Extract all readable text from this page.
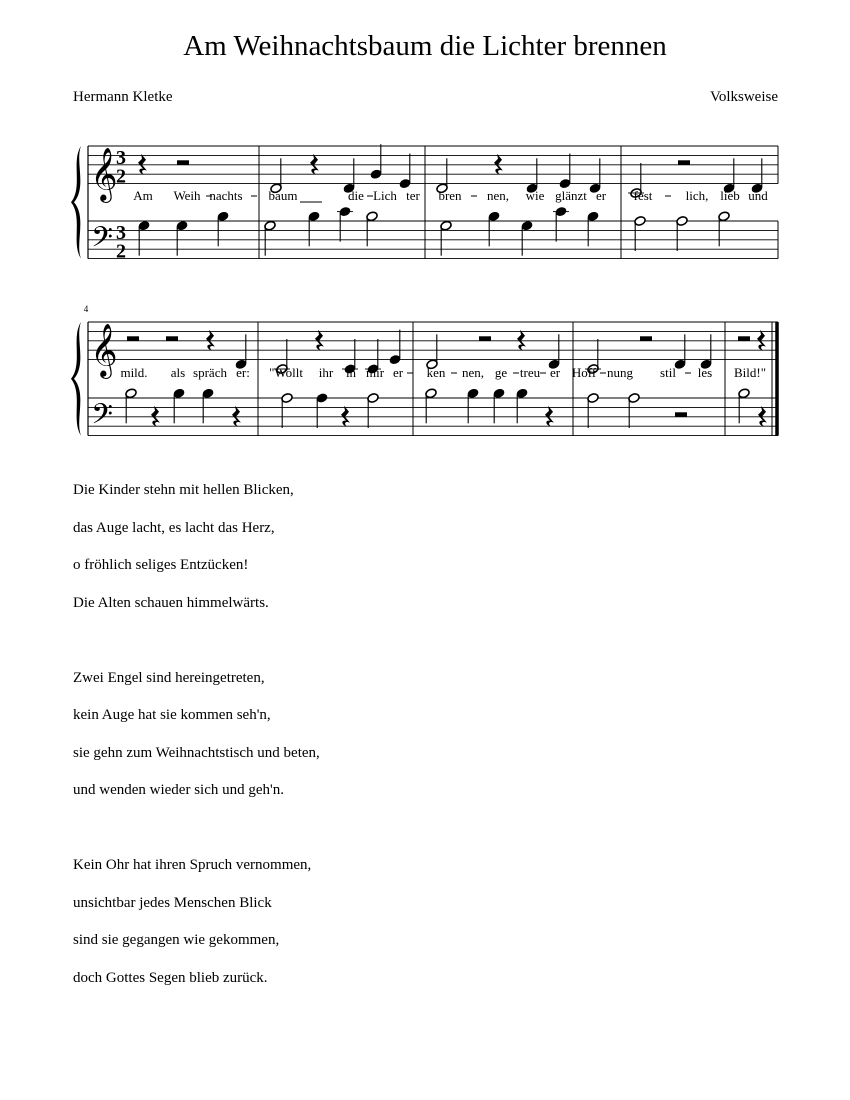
Am Weihnachtsbaum die Lichter brennen
Hermann Kletke	Volksweise
𝄞
𝄢
3
2
3
2
Am Weih nachts baum	die Lich ter bren nen, wie glänzt er fest	lich, lieb und
𝄞
𝄢
4
mild. als spräch er: "Wollt ihr in mir er ken nen, ge treu er Hoff nung stil les Bild!"

Die Kinder stehn mit hellen Blicken,

das Auge lacht, es lacht das Herz,

o fröhlich seliges Entzücken!

Die Alten schauen himmelwärts.

Zwei Engel sind hereingetreten,

kein Auge hat sie kommen seh'n,

sie gehn zum Weihnachtstisch und beten,

und wenden wieder sich und geh'n.

Kein Ohr hat ihren Spruch vernommen,

unsichtbar jedes Menschen Blick

sind sie gegangen wie gekommen,

doch Gottes Segen blieb zurück.
